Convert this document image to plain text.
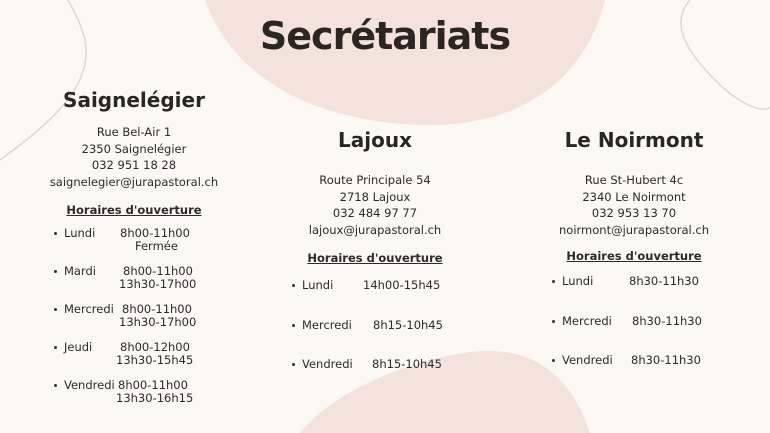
Secrétariats
Saignelégier
Rue Bel-Air 1
2350 Saignelégier
032 951 18 28
saignelegier@jurapastoral.ch
Horaires d'ouverture
Lundi 8h00-11h00
Fermée
Mardi 8h00-11h00
13h30-17h00
Mercredi 8h00-11h00
13h30-17h00
Jeudi 8h00-12h00
13h30-15h45
Vendredi 8h00-11h00
13h30-16h15
Lajoux
Route Principale 54
2718 Lajoux
032 484 97 77
lajoux@jurapastoral.ch
Horaires d'ouverture
Lundi	14h00-15h45
Mercredi 8h15-10h45
Vendredi 8h15-10h45
Le Noirmont
Rue St-Hubert 4c
2340 Le Noirmont
032 953 13 70
noirmont@jurapastoral.ch
Horaires d'ouverture
Lundi	8h30-11h30
Mercredi 8h30-11h30
Vendredi 8h30-11h30
